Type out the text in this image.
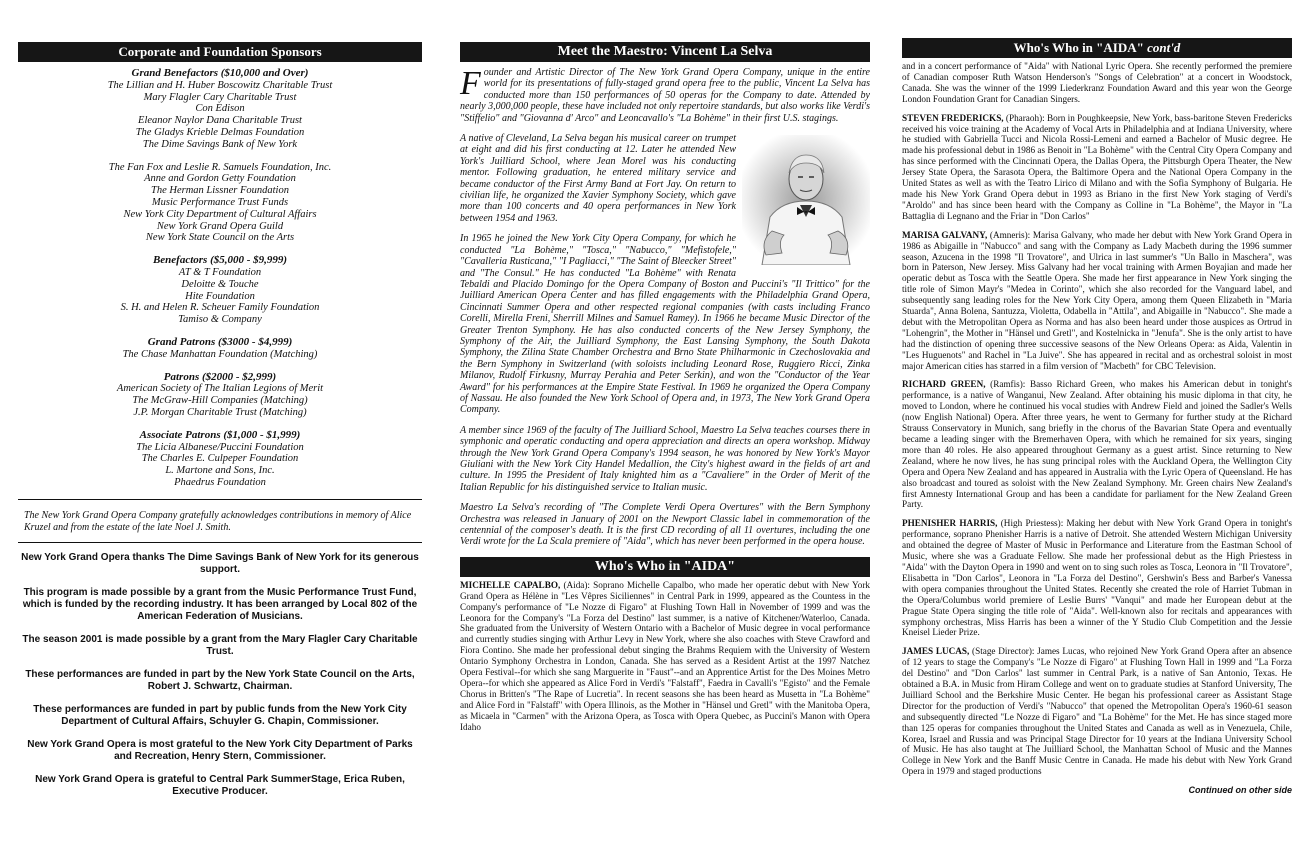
Corporate and Foundation Sponsors
Grand Benefactors ($10,000 and Over)
The Lillian and H. Huber Boscowitz Charitable Trust
Mary Flagler Cary Charitable Trust
Con Edison
Eleanor Naylor Dana Charitable Trust
The Gladys Krieble Delmas Foundation
The Dime Savings Bank of New York
The Fan Fox and Leslie R. Samuels Foundation, Inc.
Anne and Gordon Getty Foundation
The Herman Lissner Foundation
Music Performance Trust Funds
New York City Department of Cultural Affairs
New York Grand Opera Guild
New York State Council on the Arts
Benefactors ($5,000 - $9,999)
AT & T Foundation
Deloitte & Touche
Hite Foundation
S. H. and Helen R. Scheuer Family Foundation
Tamiso & Company
Grand Patrons ($3000 - $4,999)
The Chase Manhattan Foundation (Matching)
Patrons ($2000 - $2,999)
American Society of The Italian Legions of Merit
The McGraw-Hill Companies (Matching)
J.P. Morgan Charitable Trust (Matching)
Associate Patrons ($1,000 - $1,999)
The Licia Albanese/Puccini Foundation
The Charles E. Culpeper Foundation
L. Martone and Sons, Inc.
Phaedrus Foundation
The New York Grand Opera Company gratefully acknowledges contributions in memory of Alice Kruzel and from the estate of the late Noel J. Smith.

New York Grand Opera thanks The Dime Savings Bank of New York for its generous support.

This program is made possible by a grant from the Music Performance Trust Fund, which is funded by the recording industry. It has been arranged by Local 802 of the American Federation of Musicians.

The season 2001 is made possible by a grant from the Mary Flagler Cary Charitable Trust.

These performances are funded in part by the New York State Council on the Arts, Robert J. Schwartz, Chairman.

These performances are funded in part by public funds from the New York City Department of Cultural Affairs, Schuyler G. Chapin, Commissioner.

New York Grand Opera is most grateful to the New York City Department of Parks and Recreation, Henry Stern, Commissioner.

New York Grand Opera is grateful to Central Park SummerStage, Erica Ruben, Executive Producer.

Meet the Maestro: Vincent La Selva

Founder and Artistic Director of The New York Grand Opera Company, unique in the entire world for its presentations of fully-staged grand opera free to the public, Vincent La Selva has conducted more than 150 performances of 50 operas for the Company to date. Attended by nearly 3,000,000 people, these have included not only repertoire standards, but also works like Verdi's "Stiffelio" and "Giovanna d' Arco" and Leoncavallo's "La Bohème" in their first U.S. stagings.

A native of Cleveland, La Selva began his musical career on trumpet at eight and did his first conducting at 12. Later he attended New York's Juilliard School, where Jean Morel was his conducting mentor. Following graduation, he entered military service and became conductor of the First Army Band at Fort Jay. On return to civilian life, he organized the Xavier Symphony Society, which gave more than 100 concerts and 40 opera performances in New York between 1954 and 1963.

In 1965 he joined the New York City Opera Company, for which he conducted "La Bohème," "Tosca," "Nabucco," "Mefistofele," "Cavalleria Rusticana," "I Pagliacci," "The Saint of Bleecker Street" and "The Consul." He has conducted "La Bohème" with Renata Tebaldi and Placido Domingo for the Opera Company of Boston and Puccini's "Il Trittico" for the Juilliard American Opera Center and has filled engagements with the Philadelphia Grand Opera, Cincinnati Summer Opera and other respected regional companies (with casts including Franco Corelli, Mirella Freni, Sherrill Milnes and Samuel Ramey). In 1966 he became Music Director of the Greater Trenton Symphony. He has also conducted concerts of the New Jersey Symphony, the Symphony of the Air, the Juilliard Symphony, the East Lansing Symphony, the South Dakota Symphony, the Zilina State Chamber Orchestra and Brno State Philharmonic in Czechoslovakia and the Bern Symphony in Switzerland (with soloists including Leonard Rose, Ruggiero Ricci, Zinka Milanov, Rudolf Firkusny, Murray Perahia and Peter Serkin), and won the "Conductor of the Year Award" for his performances at the Empire State Festival. In 1969 he organized the Opera Company of Nassau. He also founded the New York School of Opera and, in 1973, The New York Grand Opera Company.

A member since 1969 of the faculty of The Juilliard School, Maestro La Selva teaches courses there in symphonic and operatic conducting and opera appreciation and directs an opera workshop. Midway through the New York Grand Opera Company's 1994 season, he was honored by New York's Mayor Giuliani with the New York City Handel Medallion, the City's highest award in the fields of art and culture. In 1995 the President of Italy knighted him as a "Cavaliere" in the Order of Merit of the Italian Republic for his distinguished service to Italian music.

Maestro La Selva's recording of "The Complete Verdi Opera Overtures" with the Bern Symphony Orchestra was released in January of 2001 on the Newport Classic label in commemoration of the centennial of the composer's death. It is the first CD recording of all 11 overtures, including the one Verdi wrote for the La Scala premiere of "Aida", which has never been performed in the opera house.

Who's Who in "AIDA"

MICHELLE CAPALBO, (Aida): Soprano Michelle Capalbo, who made her operatic debut with New York Grand Opera as Hélène in "Les Vêpres Siciliennes" in Central Park in 1999, appeared as the Countess in the Company's performance of "Le Nozze di Figaro" at Flushing Town Hall in November of 1999 and was the Leonora for the Company's "La Forza del Destino" last summer, is a native of Kitchener/Waterloo, Canada. She graduated from the University of Western Ontario with a Bachelor of Music degree in vocal performance and currently studies singing with Arthur Levy in New York, where she also coaches with Steve Crawford and Fiora Contino. She made her professional debut singing the Brahms Requiem with the University of Western Ontario Symphony Orchestra in London, Canada. She has served as a Resident Artist at the 1997 Natchez Opera Festival--for which she sang Marguerite in "Faust"--and an Apprentice Artist for the Des Moines Metro Opera--for which she appeared as Alice Ford in Verdi's "Falstaff", Faedra in Cavalli's "Egisto" and the Female Chorus in Britten's "The Rape of Lucretia". In recent seasons she has been heard as Musetta in "La Bohème" and Alice Ford in "Falstaff" with Opera Illinois, as the Mother in "Hänsel und Gretl" with the Manitoba Opera, as Micaela in "Carmen" with the Arizona Opera, as Tosca with Opera Quebec, as Puccini's Manon with Opera Idaho

Who's Who in "AIDA" cont'd

and in a concert performance of "Aida" with National Lyric Opera. She recently performed the premiere of Canadian composer Ruth Watson Henderson's "Songs of Celebration" at a concert in Woodstock, Canada. She was the winner of the 1999 Liederkranz Foundation Award and this year won the George London Foundation Grant for Canadian Singers.

STEVEN FREDERICKS, (Pharaoh): Born in Poughkeepsie, New York, bass-baritone Steven Fredericks received his voice training at the Academy of Vocal Arts in Philadelphia and at Indiana University, where he studied with Gabriella Tucci and Nicola Rossi-Lemeni and earned a Bachelor of Music degree. He made his professional debut in 1986 as Benoit in "La Bohème" with the Central City Opera Company and has since performed with the Cincinnati Opera, the Dallas Opera, the Pittsburgh Opera Theater, the New Jersey State Opera, the Sarasota Opera, the Baltimore Opera and the National Opera Company in the United States as well as with the Teatro Lirico di Milano and with the Sofia Symphony of Bulgaria. He made his New York Grand Opera debut in 1993 as Briano in the first New York staging of Verdi's "Aroldo" and has since been heard with the Company as Colline in "La Bohème", the Mayor in "La Battaglia di Legnano and the Friar in "Don Carlos"

MARISA GALVANY, (Amneris): Marisa Galvany, who made her debut with New York Grand Opera in 1986 as Abigaille in "Nabucco" and sang with the Company as Lady Macbeth during the 1996 summer season, Azucena in the 1998 "Il Trovatore", and Ulrica in last summer's "Un Ballo in Maschera", was born in Paterson, New Jersey. Miss Galvany had her vocal training with Armen Boyajian and made her operatic debut as Tosca with the Seattle Opera. She made her first appearance in New York singing the title role of Simon Mayr's "Medea in Corinto", which she also recorded for the Vanguard label, and subsequently sang leading roles for the New York City Opera, among them Queen Elizabeth in "Maria Stuarda", Anna Bolena, Santuzza, Violetta, Odabella in "Attila", and Abigaille in "Nabucco". She made a debut with the Metropolitan Opera as Norma and has also been heard under those auspices as Ortrud in "Lohengrin", the Mother in "Hänsel und Gretl", and Kostelnicka in "Jenufa". She is the only artist to have had the distinction of opening three successive seasons of the New Orleans Opera: as Aida, Valentin in "Les Huguenots" and Rachel in "La Juive". She has appeared in recital and as orchestral soloist in most major American cities has starred in a film version of "Macbeth" for CBC Television.

RICHARD GREEN, (Ramfis): Basso Richard Green, who makes his American debut in tonight's performance, is a native of Wanganui, New Zealand. After obtaining his music diploma in that city, he moved to London, where he continued his vocal studies with Andrew Field and joined the Sadler's Wells (now English National) Opera. After three years, he went to Germany for further study at the Richard Strauss Conservatory in Munich, sang briefly in the chorus of the Bavarian State Opera and eventually became a leading singer with the Bremerhaven Opera, with which he remained for six years, singing more than 40 roles. He also appeared throughout Germany as a guest artist. Since returning to New Zealand, where he now lives, he has sung principal roles with the Auckland Opera, the Wellington City Opera and Opera New Zealand and has appeared in Australia with the Lyric Opera of Queensland. He has also broadcast and toured as soloist with the New Zealand Symphony. Mr. Green chairs New Zealand's first Amnesty International Group and has been a candidate for parliament for the New Zealand Green Party.

PHENISHER HARRIS, (High Priestess): Making her debut with New York Grand Opera in tonight's performance, soprano Phenisher Harris is a native of Detroit. She attended Western Michigan University and obtained the degree of Master of Music in Performance and Literature from the Eastman School of Music, where she was a Graduate Fellow. She made her professional debut as the High Priestess in "Aida" with the Dayton Opera in 1990 and went on to sing such roles as Tosca, Leonora in "Il Trovatore", Elisabetta in "Don Carlos", Leonora in "La Forza del Destino", Gershwin's Bess and Barber's Vanessa with opera companies throughout the United States. Recently she created the role of Harriet Tubman in the Opera/Columbus world premiere of Leslie Burrs' "Vanqui" and made her European debut at the Prague State Opera singing the title role of "Aida". Well-known also for recitals and appearances with symphony orchestras, Miss Harris has been a winner of the Y Studio Club Competition and the Jessie Kneisel Lieder Prize.

JAMES LUCAS, (Stage Director): James Lucas, who rejoined New York Grand Opera after an absence of 12 years to stage the Company's "Le Nozze di Figaro" at Flushing Town Hall in 1999 and "La Forza del Destino" and "Don Carlos" last summer in Central Park, is a native of San Antonio, Texas. He obtained a B.A. in Music from Hiram College and went on to graduate studies at Stanford University, The Juilliard School and the Berkshire Music Center. He began his professional career as Assistant Stage Director for the production of Verdi's "Nabucco" that opened the Metropolitan Opera's 1960-61 season and subsequently directed "Le Nozze di Figaro" and "La Bohème" for the Met. He has since staged more than 125 operas for companies throughout the United States and Canada as well as in Venezuela, Chile, Korea, Israel and Russia and was Principal Stage Director for 10 years at the Indiana University School of Music. He has also taught at The Juilliard School, the Manhattan School of Music and the Mannes College in New York and the Banff Music Centre in Canada. He made his debut with New York Grand Opera in 1979 and staged productions

Continued on other side
